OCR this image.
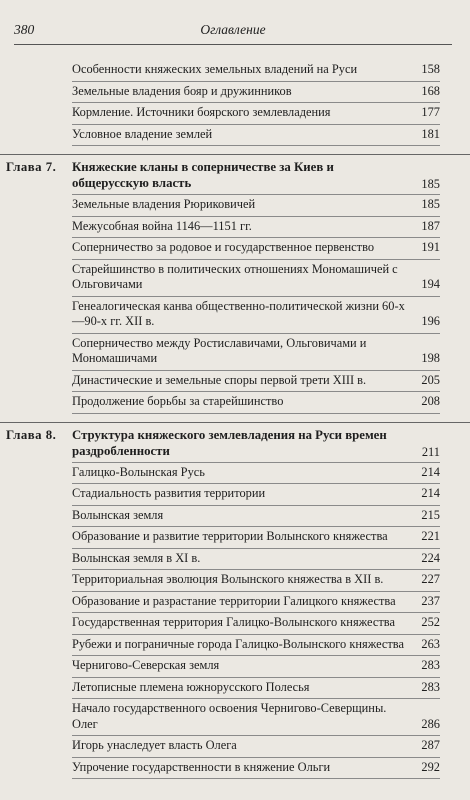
380	Оглавление
Особенности княжеских земельных владений на Руси	158
Земельные владения бояр и дружинников	168
Кормление. Источники боярского землевладения	177
Условное владение землей	181
Глава 7.	Княжеские кланы в соперничестве за Киев и общерусскую власть	185
Земельные владения Рюриковичей	185
Межусобная война 1146—1151 гг.	187
Соперничество за родовое и государственное первенство	191
Старейшинство в политических отношениях Мономашичей с Ольговичами	194
Генеалогическая канва общественно-политической жизни 60-х—90-х гг. XII в.	196
Соперничество между Ростиславичами, Ольговичами и Мономашичами	198
Династические и земельные споры первой трети XIII в.	205
Продолжение борьбы за старейшинство	208
Глава 8.	Структура княжеского землевладения на Руси времен раздробленности	211
Галицко-Волынская Русь	214
Стадиальность развития территории	214
Волынская земля	215
Образование и развитие территории Волынского княжества	221
Волынская земля в XI в.	224
Территориальная эволюция Волынского княжества в XII в.	227
Образование и разрастание территории Галицкого княжества	237
Государственная территория Галицко-Волынского княжества	252
Рубежи и пограничные города Галицко-Волынского княжества	263
Чернигово-Северская земля	283
Летописные племена южнорусского Полесья	283
Начало государственного освоения Чернигово-Северщины. Олег	286
Игорь унаследует власть Олега	287
Упрочение государственности в княжение Ольги	292
